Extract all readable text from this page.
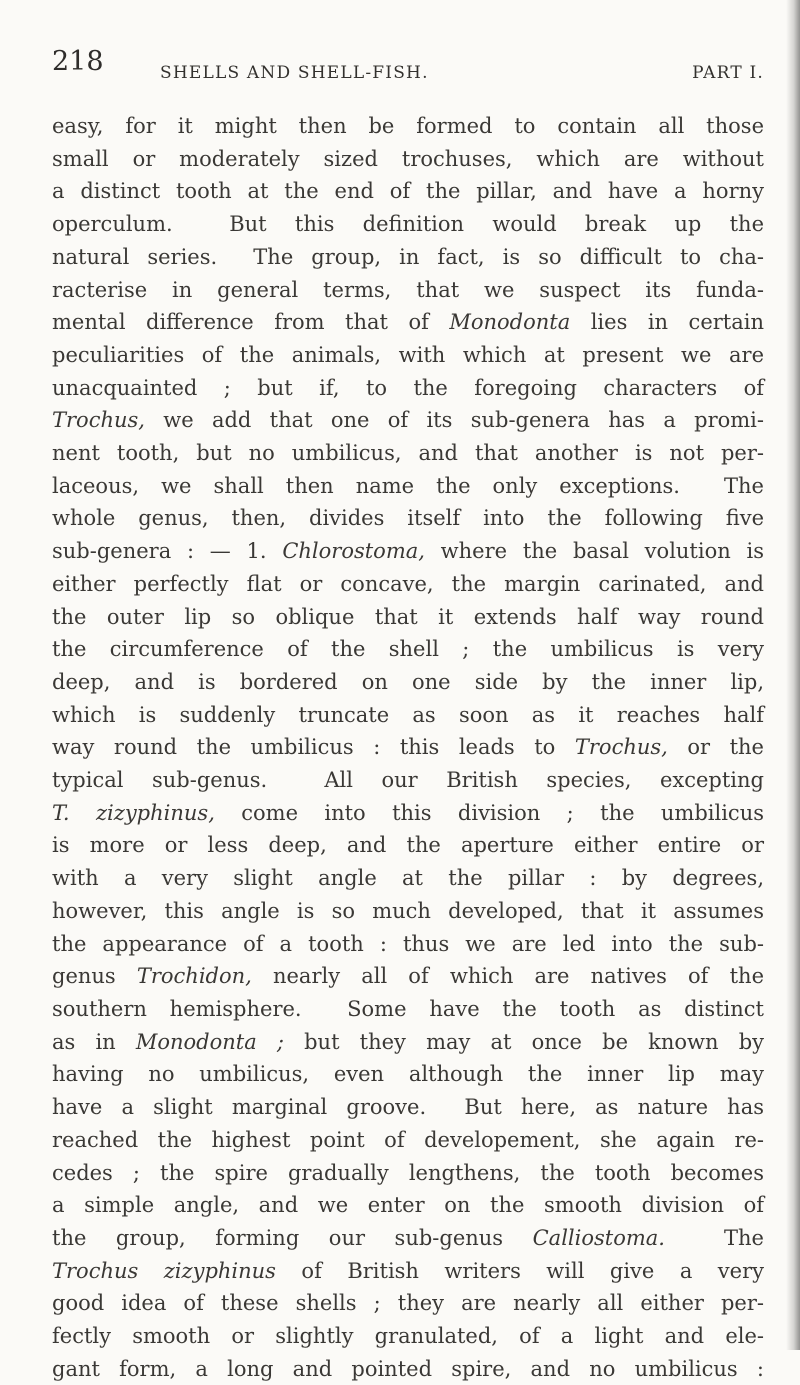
218	SHELLS AND SHELL-FISH.	PART I.
easy, for it might then be formed to contain all those
small or moderately sized trochuses, which are without
a distinct tooth at the end of the pillar, and have a horny
operculum.  But this definition would break up the
natural series.  The group, in fact, is so difficult to cha-
racterise in general terms, that we suspect its funda-
mental difference from that of Monodonta lies in certain
peculiarities of the animals, with which at present we are
unacquainted ; but if, to the foregoing characters of
Trochus, we add that one of its sub-genera has a promi-
nent tooth, but no umbilicus, and that another is not per-
laceous, we shall then name the only exceptions.  The
whole genus, then, divides itself into the following five
sub-genera : — 1. Chlorostoma, where the basal volution is
either perfectly flat or concave, the margin carinated, and
the outer lip so oblique that it extends half way round
the circumference of the shell ; the umbilicus is very
deep, and is bordered on one side by the inner lip,
which is suddenly truncate as soon as it reaches half
way round the umbilicus : this leads to Trochus, or the
typical sub-genus.  All our British species, excepting
T. zizyphinus, come into this division ; the umbilicus
is more or less deep, and the aperture either entire or
with a very slight angle at the pillar : by degrees,
however, this angle is so much developed, that it assumes
the appearance of a tooth : thus we are led into the sub-
genus Trochidon, nearly all of which are natives of the
southern hemisphere.  Some have the tooth as distinct
as in Monodonta ; but they may at once be known by
having no umbilicus, even although the inner lip may
have a slight marginal groove.  But here, as nature has
reached the highest point of developement, she again re-
cedes ; the spire gradually lengthens, the tooth becomes
a simple angle, and we enter on the smooth division of
the group, forming our sub-genus Calliostoma.  The
Trochus zizyphinus of British writers will give a very
good idea of these shells ; they are nearly all either per-
fectly smooth or slightly granulated, of a light and ele-
gant form, a long and pointed spire, and no umbilicus :
